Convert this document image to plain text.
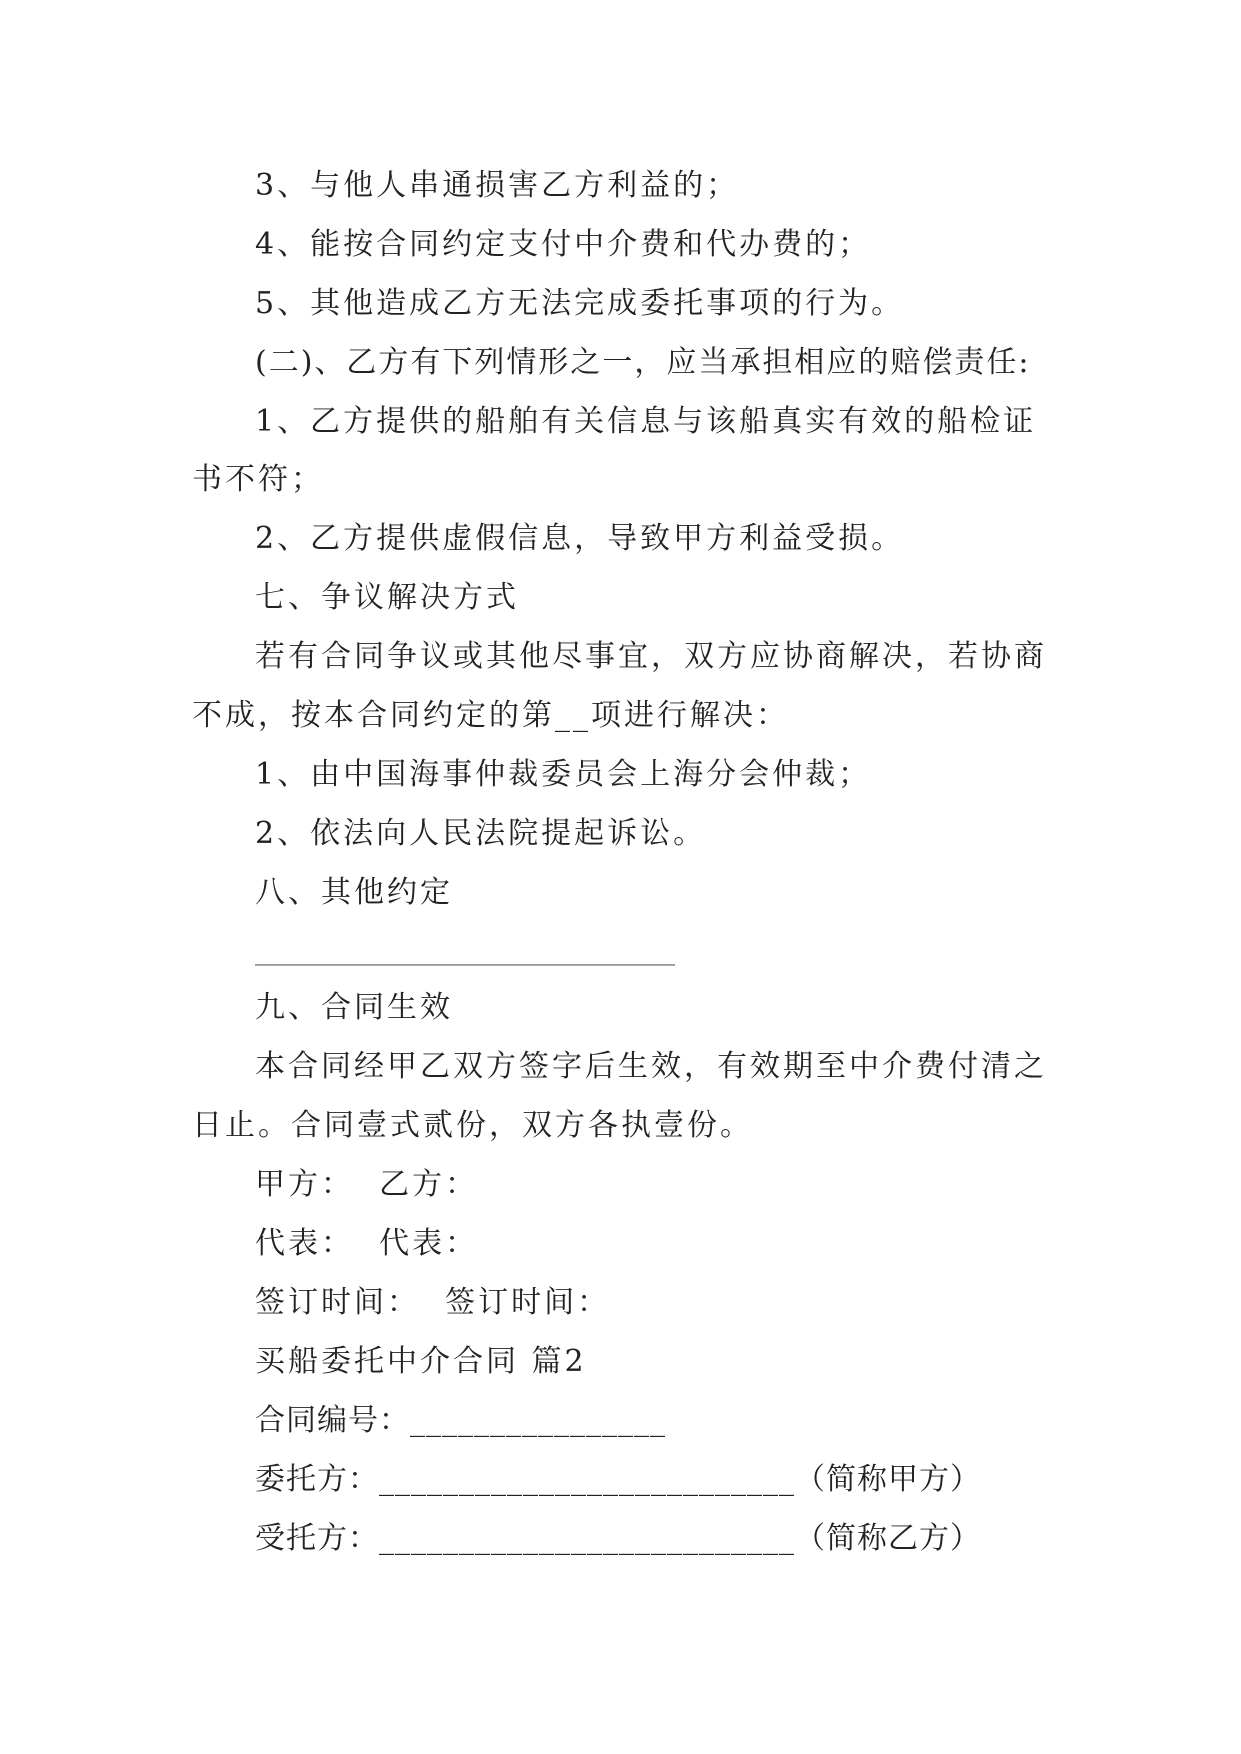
3、与他人串通损害乙方利益的；
4、能按合同约定支付中介费和代办费的；
5、其他造成乙方无法完成委托事项的行为。
(二)、乙方有下列情形之一，应当承担相应的赔偿责任:
1、乙方提供的船舶有关信息与该船真实有效的船检证
书不符；
2、乙方提供虚假信息，导致甲方利益受损。
七、争议解决方式
若有合同争议或其他尽事宜，双方应协商解决，若协商
不成，按本合同约定的第__项进行解决：
1、由中国海事仲裁委员会上海分会仲裁；
2、依法向人民法院提起诉讼。
八、其他约定
______________________________
九、合同生效
本合同经甲乙双方签字后生效，有效期至中介费付清之
日止。合同壹式贰份，双方各执壹份。
甲方：  乙方：
代表：  代表：
签订时间：  签订时间：
买船委托中介合同 篇2
合同编号：________________
委托方：__________________________（简称甲方）
受托方：__________________________（简称乙方）
